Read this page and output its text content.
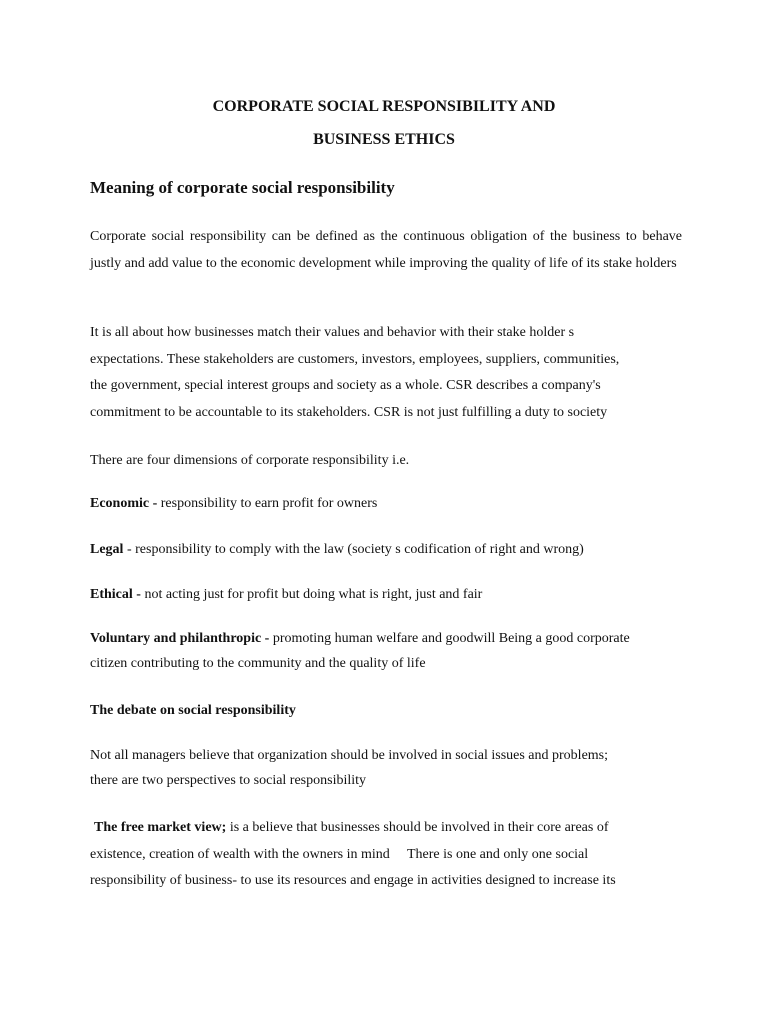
CORPORATE SOCIAL RESPONSIBILITY AND
BUSINESS ETHICS
Meaning of corporate social responsibility

Corporate social responsibility can be defined as the continuous obligation of the business to behave justly and add value to the economic development while improving the quality of life of its stake holders

It is all about how businesses match their values and behavior with their stake holder s
expectations. These stakeholders are customers, investors, employees, suppliers, communities,
the government, special interest groups and society as a whole. CSR describes a company's
commitment to be accountable to its stakeholders. CSR is not just fulfilling a duty to society

There are four dimensions of corporate responsibility i.e.

Economic - responsibility to earn profit for owners

Legal - responsibility to comply with the law (society s codification of right and wrong)

Ethical - not acting just for profit but doing what is right, just and fair

Voluntary and philanthropic - promoting human welfare and goodwill Being a good corporate
citizen contributing to the community and the quality of life
The debate on social responsibility
Not all managers believe that organization should be involved in social issues and problems;
there are two perspectives to social responsibility
The free market view; is a believe that businesses should be involved in their core areas of
existence, creation of wealth with the owners in mind     There is one and only one social
responsibility of business- to use its resources and engage in activities designed to increase its
